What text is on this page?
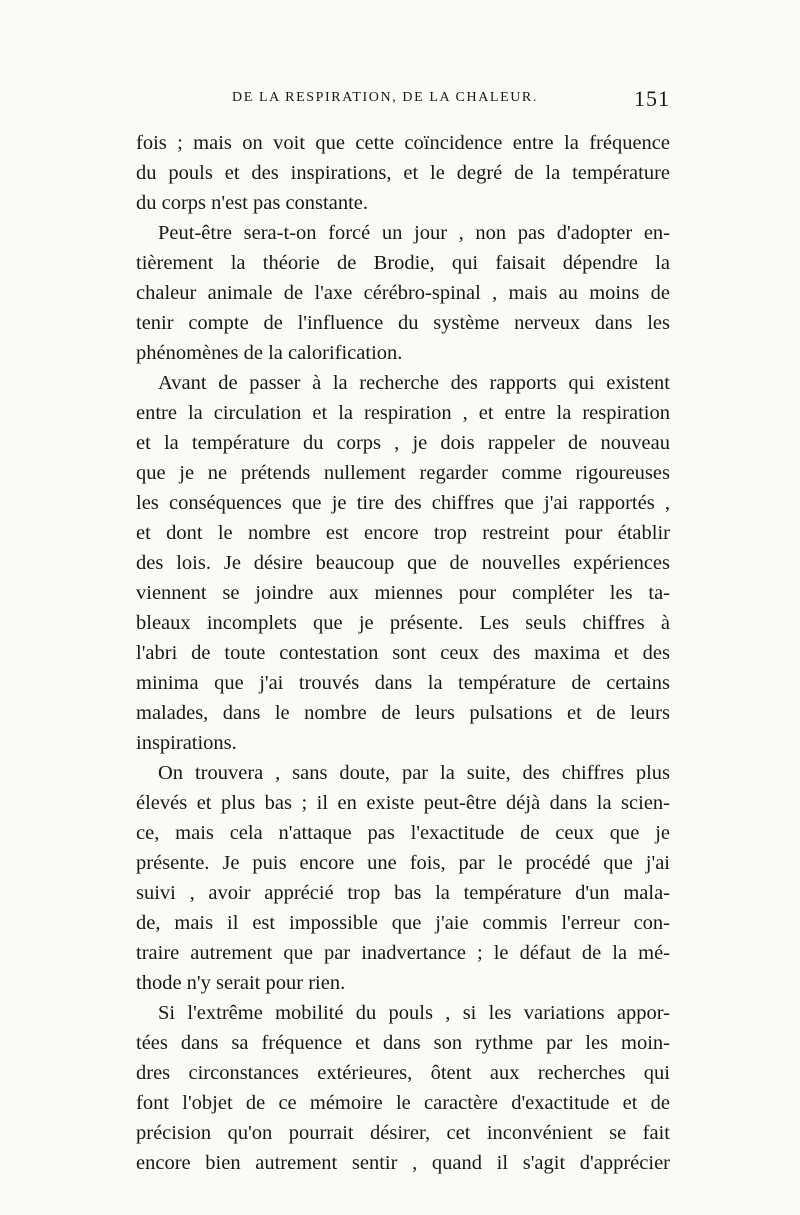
DE LA RESPIRATION, DE LA CHALEUR.	151
fois ; mais on voit que cette coïncidence entre la fréquence
du pouls et des inspirations, et le degré de la température
du corps n'est pas constante.
Peut-être sera-t-on forcé un jour , non pas d'adopter en-
tièrement la théorie de Brodie, qui faisait dépendre la
chaleur animale de l'axe cérébro-spinal , mais au moins de
tenir compte de l'influence du système nerveux dans les
phénomènes de la calorification.
Avant de passer à la recherche des rapports qui existent
entre la circulation et la respiration , et entre la respiration
et la température du corps , je dois rappeler de nouveau
que je ne prétends nullement regarder comme rigoureuses
les conséquences que je tire des chiffres que j'ai rapportés ,
et dont le nombre est encore trop restreint pour établir
des lois. Je désire beaucoup que de nouvelles expériences
viennent se joindre aux miennes pour compléter les ta-
bleaux incomplets que je présente. Les seuls chiffres à
l'abri de toute contestation sont ceux des maxima et des
minima que j'ai trouvés dans la température de certains
malades, dans le nombre de leurs pulsations et de leurs
inspirations.
On trouvera , sans doute, par la suite, des chiffres plus
élevés et plus bas ; il en existe peut-être déjà dans la scien-
ce, mais cela n'attaque pas l'exactitude de ceux que je
présente. Je puis encore une fois, par le procédé que j'ai
suivi , avoir apprécié trop bas la température d'un mala-
de, mais il est impossible que j'aie commis l'erreur con-
traire autrement que par inadvertance ; le défaut de la mé-
thode n'y serait pour rien.
Si l'extrême mobilité du pouls , si les variations appor-
tées dans sa fréquence et dans son rythme par les moin-
dres circonstances extérieures, ôtent aux recherches qui
font l'objet de ce mémoire le caractère d'exactitude et de
précision qu'on pourrait désirer, cet inconvénient se fait
encore bien autrement sentir , quand il s'agit d'apprécier
